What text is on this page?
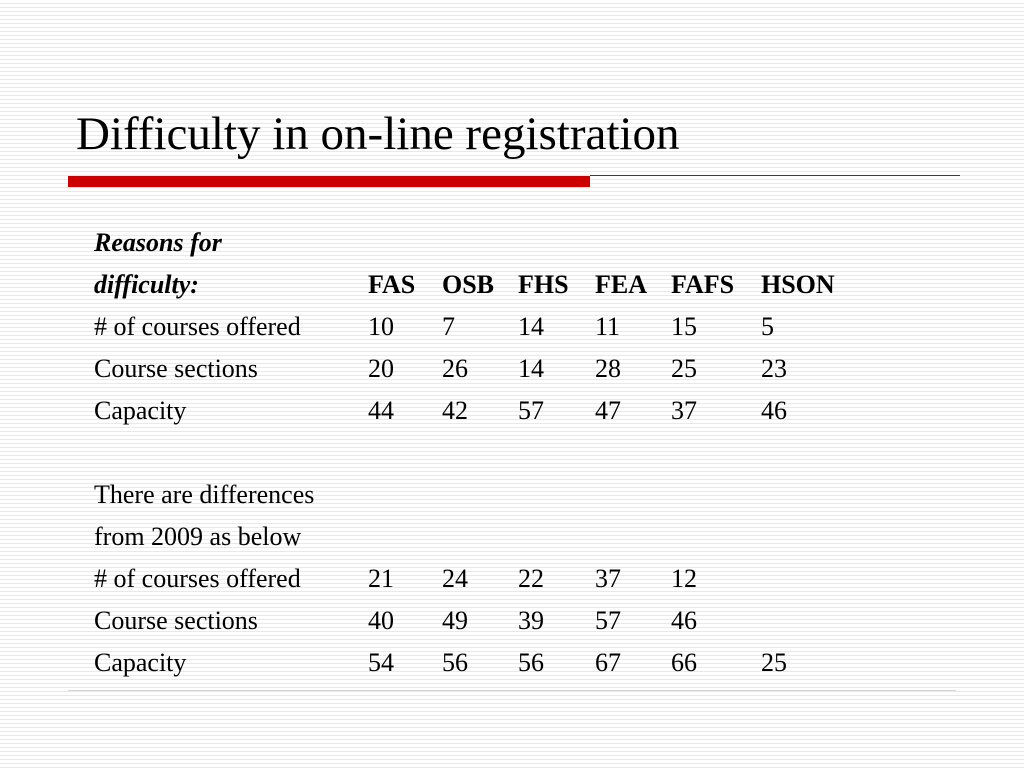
Difficulty in on-line registration
Reasons for						
difficulty:	FAS	OSB	FHS	FEA	FAFS	HSON
# of courses offered	10	7	14	11	15	5
Course sections	20	26	14	28	25	23
Capacity	44	42	57	47	37	46

There are differences						
from 2009 as below						
# of courses offered	21	24	22	37	12	
Course sections	40	49	39	57	46	
Capacity	54	56	56	67	66	25
